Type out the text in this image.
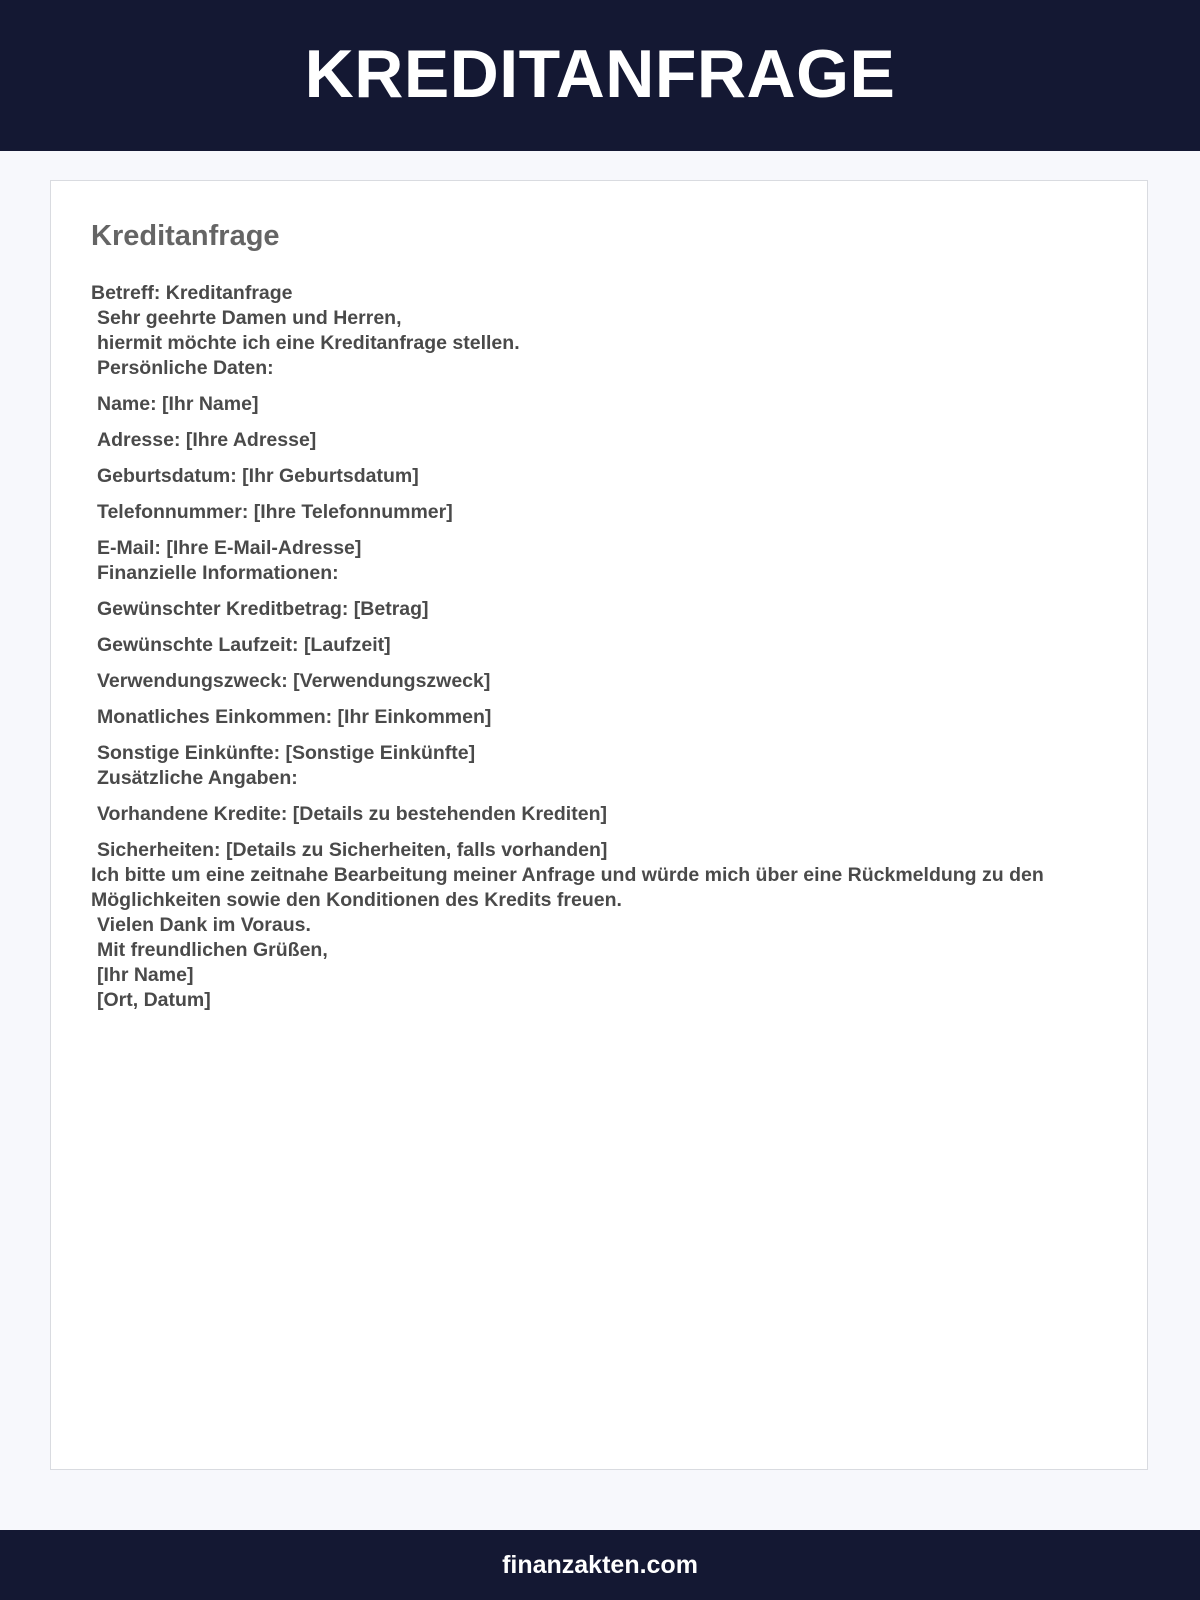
KREDITANFRAGE
Kreditanfrage
Betreff: Kreditanfrage
Sehr geehrte Damen und Herren,
hiermit möchte ich eine Kreditanfrage stellen.
Persönliche Daten:
Name: [Ihr Name]
Adresse: [Ihre Adresse]
Geburtsdatum: [Ihr Geburtsdatum]
Telefonnummer: [Ihre Telefonnummer]
E-Mail: [Ihre E-Mail-Adresse]
Finanzielle Informationen:
Gewünschter Kreditbetrag: [Betrag]
Gewünschte Laufzeit: [Laufzeit]
Verwendungszweck: [Verwendungszweck]
Monatliches Einkommen: [Ihr Einkommen]
Sonstige Einkünfte: [Sonstige Einkünfte]
Zusätzliche Angaben:
Vorhandene Kredite: [Details zu bestehenden Krediten]
Sicherheiten: [Details zu Sicherheiten, falls vorhanden]
Ich bitte um eine zeitnahe Bearbeitung meiner Anfrage und würde mich über eine Rückmeldung zu den Möglichkeiten sowie den Konditionen des Kredits freuen.
Vielen Dank im Voraus.
Mit freundlichen Grüßen,
[Ihr Name]
[Ort, Datum]
finanzakten.com
